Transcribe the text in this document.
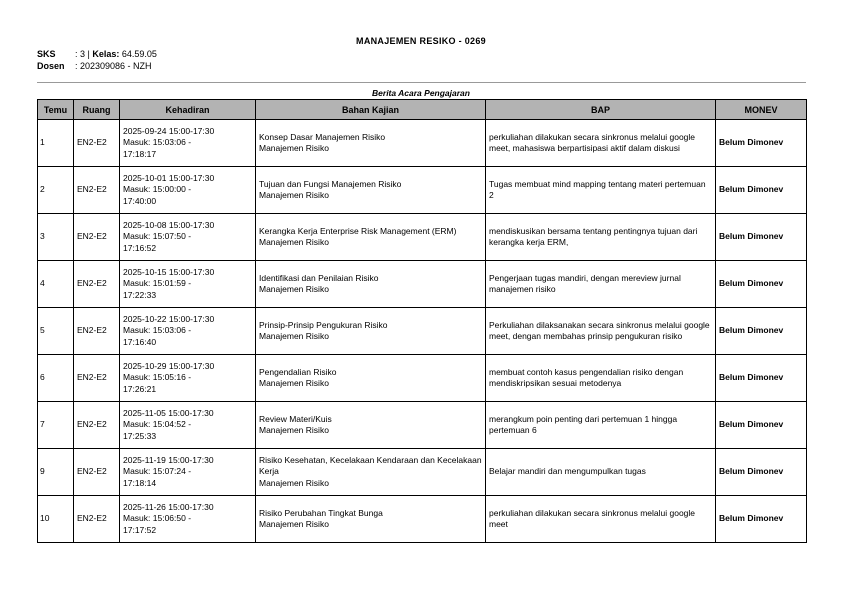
MANAJEMEN RESIKO - 0269
SKS : 3 | Kelas: 64.59.05
Dosen : 202309086 - NZH
Berita Acara Pengajaran
Temu	Ruang	Kehadiran	Bahan Kajian	BAP	MONEV
1	EN2-E2	2025-09-24 15:00-17:30
Masuk: 15:03:06 -
17:18:17	Konsep Dasar Manajemen Risiko
Manajemen Risiko	perkuliahan dilakukan secara sinkronus melalui google meet, mahasiswa berpartisipasi aktif dalam diskusi	Belum Dimonev
2	EN2-E2	2025-10-01 15:00-17:30
Masuk: 15:00:00 -
17:40:00	Tujuan dan Fungsi Manajemen Risiko
Manajemen Risiko	Tugas membuat mind mapping tentang materi pertemuan 2	Belum Dimonev
3	EN2-E2	2025-10-08 15:00-17:30
Masuk: 15:07:50 -
17:16:52	Kerangka Kerja Enterprise Risk Management (ERM)
Manajemen Risiko	mendiskusikan bersama tentang pentingnya tujuan dari kerangka kerja ERM,	Belum Dimonev
4	EN2-E2	2025-10-15 15:00-17:30
Masuk: 15:01:59 -
17:22:33	Identifikasi dan Penilaian Risiko
Manajemen Risiko	Pengerjaan tugas mandiri, dengan mereview jurnal manajemen risiko	Belum Dimonev
5	EN2-E2	2025-10-22 15:00-17:30
Masuk: 15:03:06 -
17:16:40	Prinsip-Prinsip Pengukuran Risiko
Manajemen Risiko	Perkuliahan dilaksanakan secara sinkronus melalui google meet, dengan membahas prinsip pengukuran risiko	Belum Dimonev
6	EN2-E2	2025-10-29 15:00-17:30
Masuk: 15:05:16 -
17:26:21	Pengendalian Risiko
Manajemen Risiko	membuat contoh kasus pengendalian risiko dengan mendiskripsikan sesuai metodenya	Belum Dimonev
7	EN2-E2	2025-11-05 15:00-17:30
Masuk: 15:04:52 -
17:25:33	Review Materi/Kuis
Manajemen Risiko	merangkum poin penting dari pertemuan 1 hingga pertemuan 6	Belum Dimonev
9	EN2-E2	2025-11-19 15:00-17:30
Masuk: 15:07:24 -
17:18:14	Risiko Kesehatan, Kecelakaan Kendaraan dan Kecelakaan Kerja
Manajemen Risiko	Belajar mandiri dan mengumpulkan tugas	Belum Dimonev
10	EN2-E2	2025-11-26 15:00-17:30
Masuk: 15:06:50 -
17:17:52	Risiko Perubahan Tingkat Bunga
Manajemen Risiko	perkuliahan dilakukan secara sinkronus melalui google meet	Belum Dimonev
